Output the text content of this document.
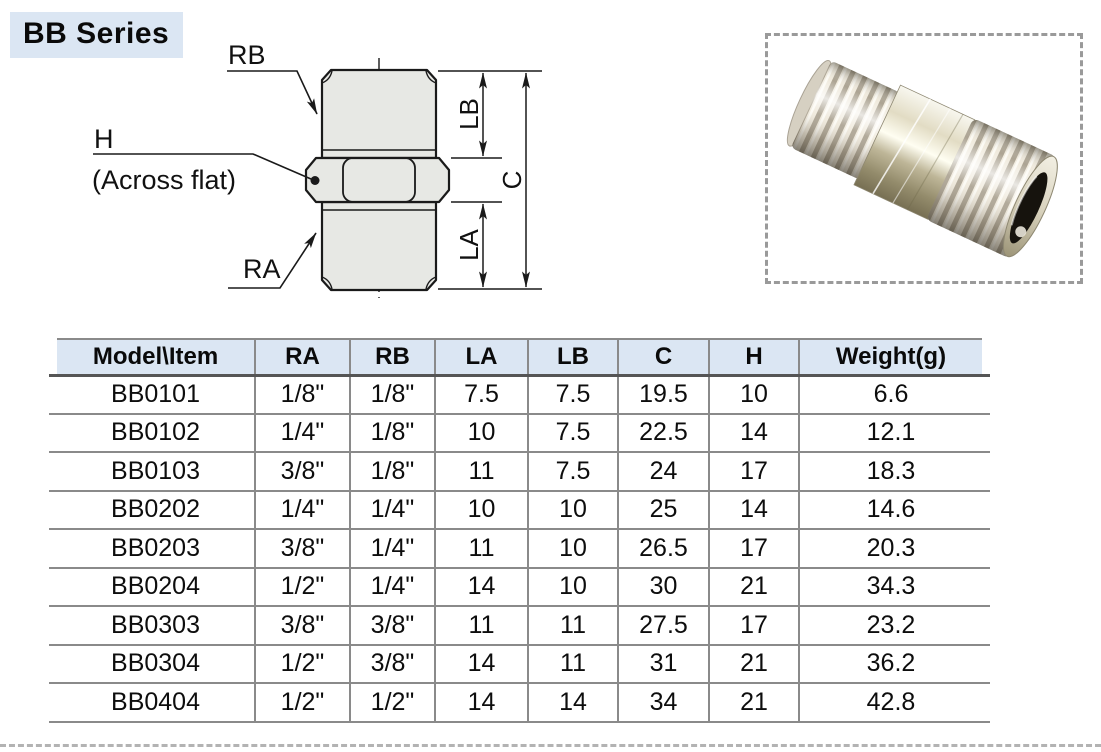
BB Series
LB
LA
C
RB
H
(Across flat)
RA
	Model\Item	RA	RB	LA	LB	C	H	Weight(g)	
	BB0101	1/8"	1/8"	7.5	7.5	19.5	10	6.6	
	BB0102	1/4"	1/8"	10	7.5	22.5	14	12.1	
	BB0103	3/8"	1/8"	11	7.5	24	17	18.3	
	BB0202	1/4"	1/4"	10	10	25	14	14.6	
	BB0203	3/8"	1/4"	11	10	26.5	17	20.3	
	BB0204	1/2"	1/4"	14	10	30	21	34.3	
	BB0303	3/8"	3/8"	11	11	27.5	17	23.2	
	BB0304	1/2"	3/8"	14	11	31	21	36.2	
	BB0404	1/2"	1/2"	14	14	34	21	42.8	
